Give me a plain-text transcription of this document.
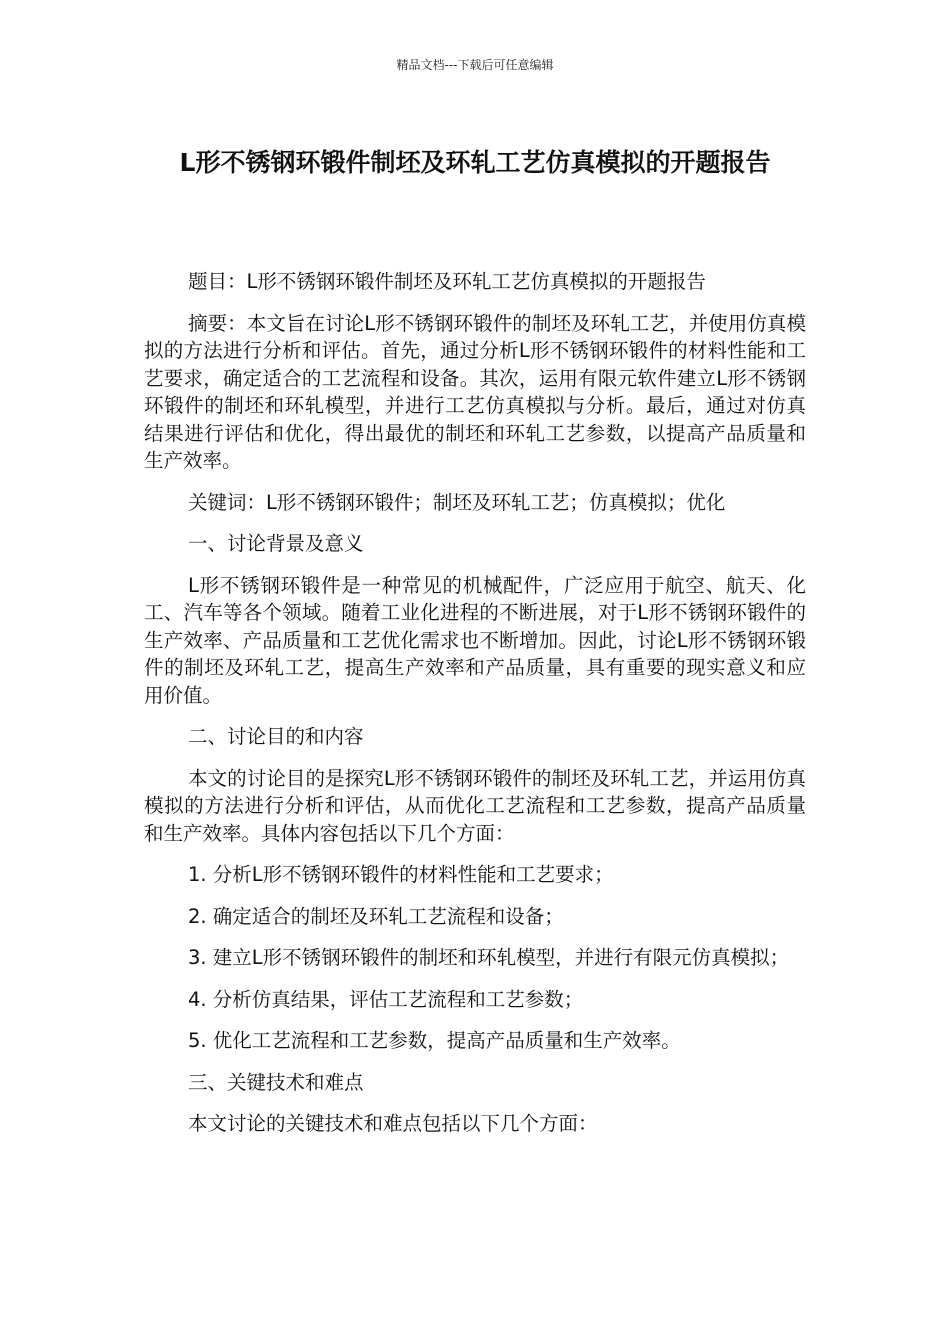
精品文档---下载后可任意编辑
L形不锈钢环锻件制坯及环轧工艺仿真模拟的开题报告

题目：L形不锈钢环锻件制坯及环轧工艺仿真模拟的开题报告

摘要：本文旨在讨论L形不锈钢环锻件的制坯及环轧工艺，并使用仿真模拟的方法进行分析和评估。首先，通过分析L形不锈钢环锻件的材料性能和工艺要求，确定适合的工艺流程和设备。其次，运用有限元软件建立L形不锈钢环锻件的制坯和环轧模型，并进行工艺仿真模拟与分析。最后，通过对仿真结果进行评估和优化，得出最优的制坯和环轧工艺参数，以提高产品质量和生产效率。

关键词：L形不锈钢环锻件；制坯及环轧工艺；仿真模拟；优化

一、讨论背景及意义

L形不锈钢环锻件是一种常见的机械配件，广泛应用于航空、航天、化工、汽车等各个领域。随着工业化进程的不断进展，对于L形不锈钢环锻件的生产效率、产品质量和工艺优化需求也不断增加。因此，讨论L形不锈钢环锻件的制坯及环轧工艺，提高生产效率和产品质量，具有重要的现实意义和应用价值。

二、讨论目的和内容

本文的讨论目的是探究L形不锈钢环锻件的制坯及环轧工艺，并运用仿真模拟的方法进行分析和评估，从而优化工艺流程和工艺参数，提高产品质量和生产效率。具体内容包括以下几个方面：

1. 分析L形不锈钢环锻件的材料性能和工艺要求；

2. 确定适合的制坯及环轧工艺流程和设备；

3. 建立L形不锈钢环锻件的制坯和环轧模型，并进行有限元仿真模拟；

4. 分析仿真结果，评估工艺流程和工艺参数；

5. 优化工艺流程和工艺参数，提高产品质量和生产效率。

三、关键技术和难点

本文讨论的关键技术和难点包括以下几个方面：
